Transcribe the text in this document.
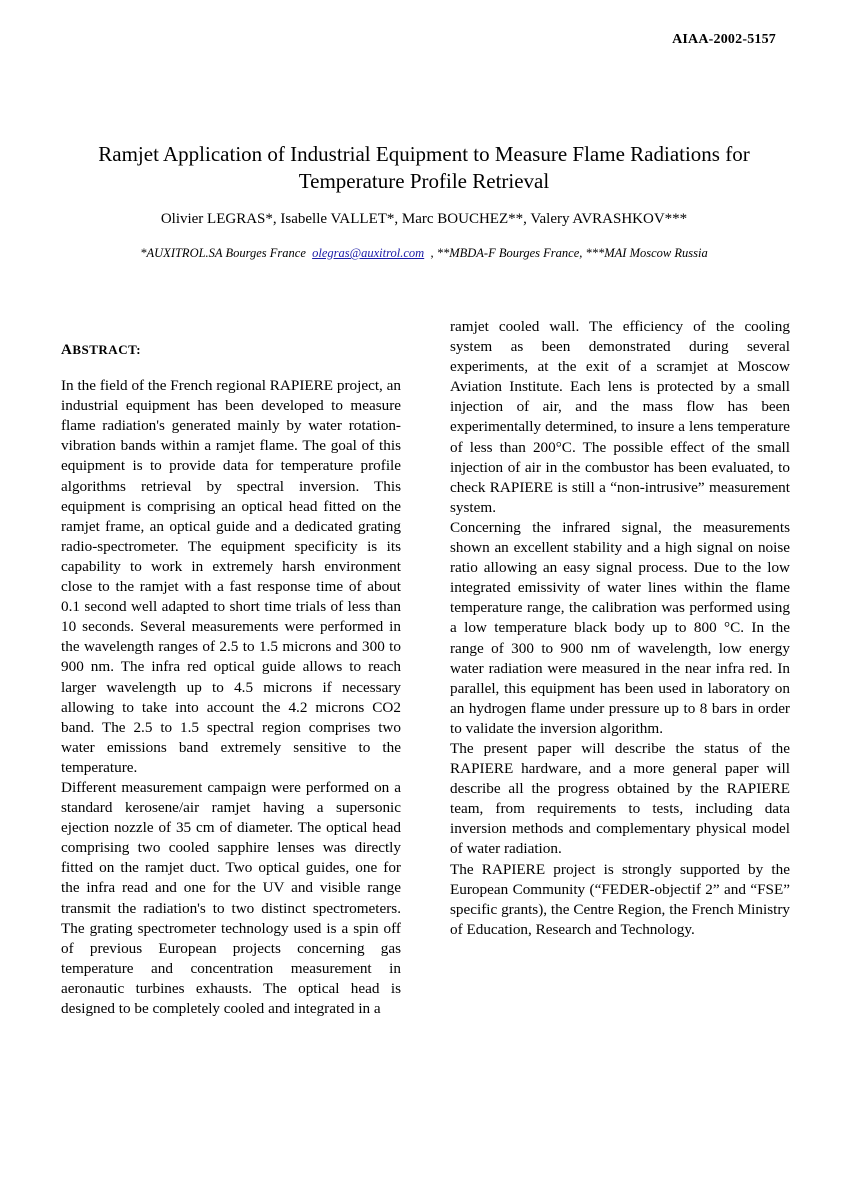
AIAA-2002-5157
Ramjet Application of Industrial Equipment to Measure Flame Radiations for
Temperature Profile Retrieval
Olivier LEGRAS*, Isabelle VALLET*, Marc BOUCHEZ**, Valery AVRASHKOV***
*AUXITROL.SA Bourges France olegras@auxitrol.com , **MBDA-F Bourges France, ***MAI Moscow Russia
ABSTRACT:

In the field of the French regional RAPIERE project, an industrial equipment has been developed to measure flame radiation's generated mainly by water rotation-vibration bands within a ramjet flame. The goal of this equipment is to provide data for temperature profile algorithms retrieval by spectral inversion. This equipment is comprising an optical head fitted on the ramjet frame, an optical guide and a dedicated grating radio-spectrometer. The equipment specificity is its capability to work in extremely harsh environment close to the ramjet with a fast response time of about 0.1 second well adapted to short time trials of less than 10 seconds. Several measurements were performed in the wavelength ranges of 2.5 to 1.5 microns and 300 to 900 nm. The infra red optical guide allows to reach larger wavelength up to 4.5 microns if necessary allowing to take into account the 4.2 microns CO2 band. The 2.5 to 1.5 spectral region comprises two water emissions band extremely sensitive to the temperature.

Different measurement campaign were performed on a standard kerosene/air ramjet having a supersonic ejection nozzle of 35 cm of diameter. The optical head comprising two cooled sapphire lenses was directly fitted on the ramjet duct. Two optical guides, one for the infra read and one for the UV and visible range transmit the radiation's to two distinct spectrometers. The grating spectrometer technology used is a spin off of previous European projects concerning gas temperature and concentration measurement in aeronautic turbines exhausts. The optical head is designed to be completely cooled and integrated in a

ramjet cooled wall. The efficiency of the cooling system as been demonstrated during several experiments, at the exit of a scramjet at Moscow Aviation Institute. Each lens is protected by a small injection of air, and the mass flow has been experimentally determined, to insure a lens temperature of less than 200°C. The possible effect of the small injection of air in the combustor has been evaluated, to check RAPIERE is still a “non-intrusive” measurement system.

Concerning the infrared signal, the measurements shown an excellent stability and a high signal on noise ratio allowing an easy signal process. Due to the low integrated emissivity of water lines within the flame temperature range, the calibration was performed using a low temperature black body up to 800 °C. In the range of 300 to 900 nm of wavelength, low energy water radiation were measured in the near infra red. In parallel, this equipment has been used in laboratory on an hydrogen flame under pressure up to 8 bars in order to validate the inversion algorithm.

The present paper will describe the status of the RAPIERE hardware, and a more general paper will describe all the progress obtained by the RAPIERE team, from requirements to tests, including data inversion methods and complementary physical model of water radiation.

The RAPIERE project is strongly supported by the European Community (“FEDER-objectif 2” and “FSE” specific grants), the Centre Region, the French Ministry of Education, Research and Technology.
